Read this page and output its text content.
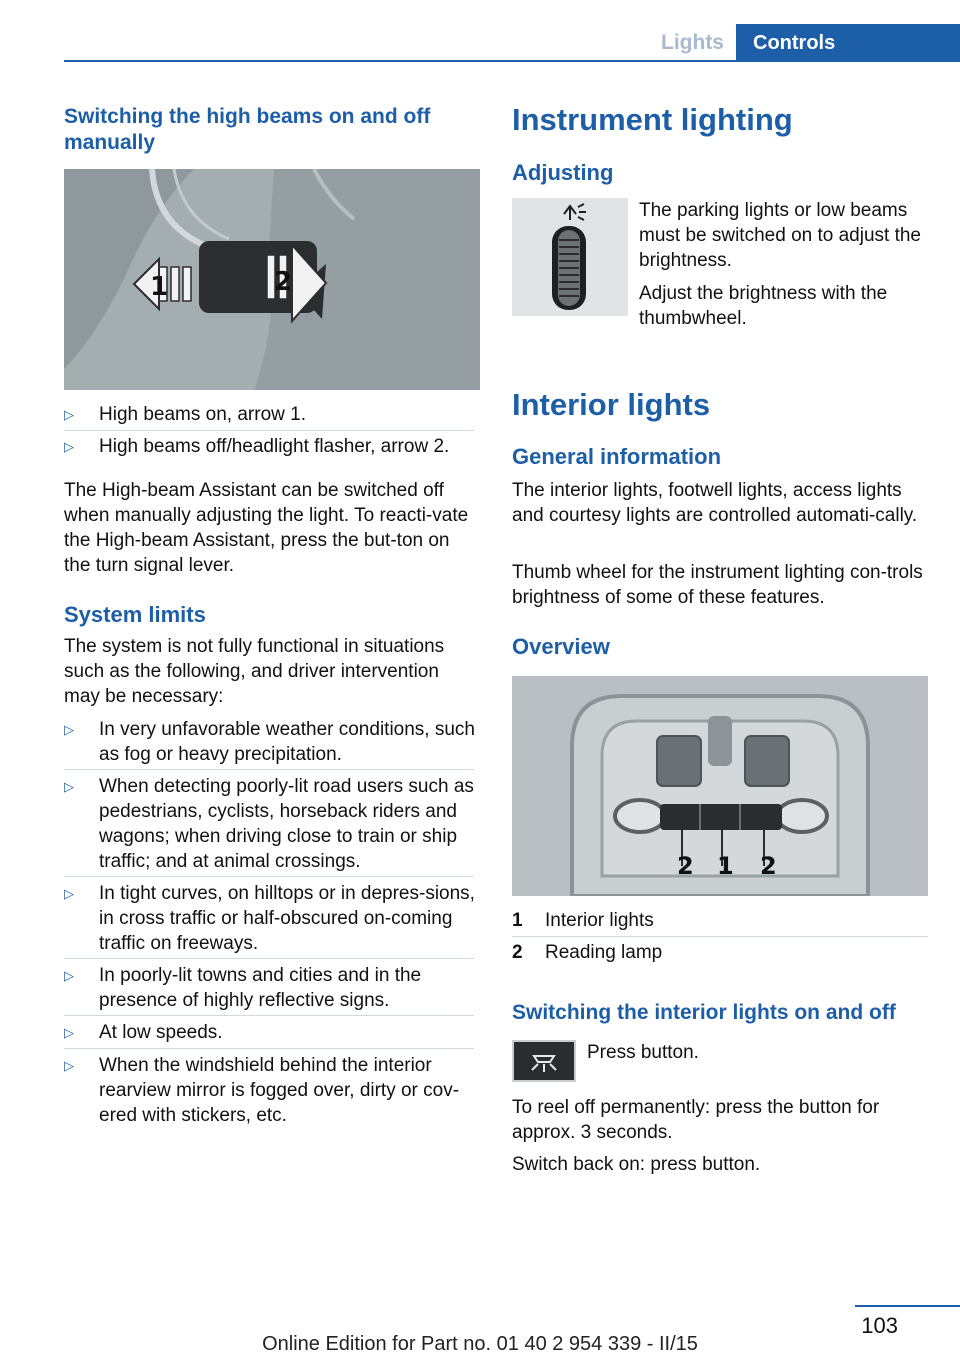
Lights	Controls
Switching the high beams on and off manually
1	2
▷ High beams on, arrow 1.
▷ High beams off/headlight flasher, arrow 2.
The High-beam Assistant can be switched off when manually adjusting the light. To reacti-vate the High-beam Assistant, press the but-ton on the turn signal lever.
System limits
The system is not fully functional in situations such as the following, and driver intervention may be necessary:
▷ In very unfavorable weather conditions, such as fog or heavy precipitation.
▷ When detecting poorly-lit road users such as pedestrians, cyclists, horseback riders and wagons; when driving close to train or ship traffic; and at animal crossings.
▷ In tight curves, on hilltops or in depres-sions, in cross traffic or half-obscured on-coming traffic on freeways.
▷ In poorly-lit towns and cities and in the presence of highly reflective signs.
▷ At low speeds.
▷ When the windshield behind the interior rearview mirror is fogged over, dirty or cov-ered with stickers, etc.
Instrument lighting
Adjusting
The parking lights or low beams must be switched on to adjust the brightness.
Adjust the brightness with the thumbwheel.
Interior lights
General information
The interior lights, footwell lights, access lights and courtesy lights are controlled automati-cally.
Thumb wheel for the instrument lighting con-trols brightness of some of these features.
Overview
2 1 2
1 Interior lights
2 Reading lamp
Switching the interior lights on and off
Press button.
To reel off permanently: press the button for approx. 3 seconds.
Switch back on: press button.
103
Online Edition for Part no. 01 40 2 954 339 - II/15
